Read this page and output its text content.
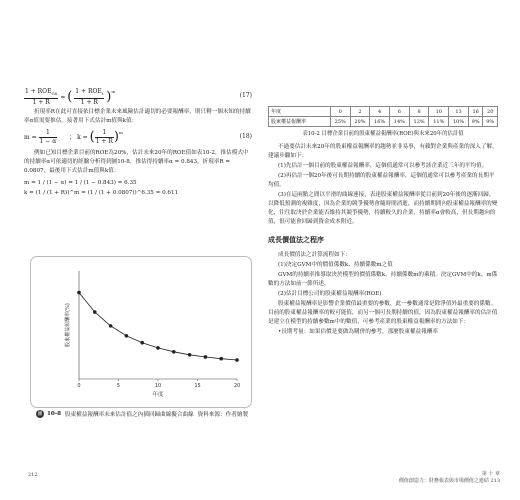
第 十 章
價值創造力：財務報表與市場價值之連結 213
$\frac{1 + ROE_{GS}}{1 + R}$ = ( $\frac{1 + ROE_t}{1 + R} )^m$
(17)

折現率R在此可直接依目標企業未來風險估計適切的必要報酬率，則只剩一個未知的持續率α值需要推估。接著用下式估計m值與k值：

$m = \frac{1}{1 - \alpha}$ ； k = ( $\frac{1}{1 + R} )^m$
(18)

例如已知目標企業目前的ROE為20%，估計未來20年的ROE值如表10-2，推估模式中的持續率α可依適切的經驗分析得到圖10-8，推估得持續率α = 0.843，折現率R = 0.0807，最後用下式估計m值與k值：

m = 1 / (1 − α) = 1 / (1 − 0.843) = 6.35

k = (1 / (1 + R))^m = (1 / (1 + 0.0807))^6.35 = 0.611

0	5	10	15	20
年度
股東權益報酬率(%)
圖 10-8 股東權益報酬率未來估計值之內插回歸曲線擬合曲線 資料來源：作者繪製
212
年度	0	2	4	6	8	10	13	16	20
股東權益報酬率	25%	20%	16%	14%	12%	11%	10%	9%	9%
表10-2 目標企業目前的股東權益報酬率(ROE)與未來20年的估計值

不過要估計未來20年的股東權益報酬率的趨勢並非易事，有賴對企業與產業的深入了解，建議步驟如下：

(1)先估計一個目前的股東權益報酬率，這個值通常可以參考該企業近三年的平均值。

(2)再估計一個20年後可長期持續的股東權益報酬率，這個值通常可以參考產業的長期平均值。

(3)在這兩點之間以平滑的曲線連接，表達股東權益報酬率從目前到20年後的逐漸回歸。以降低預測的複雜度，因為企業的競爭優勢會隨時間消逝，而持續期間內股東權益報酬率的變化，往往取決於企業能否維持其競爭優勢，持續較久的企業，持續率α會較高，但長期趨向的值，很可能會回歸到資金成本附近。

成長價值法之程序

成長價值法之計算流程如下：

(1)決定GVM中的價值係數k、持續係數m之值

GVM的持續率推導取決於模型的價值係數k、持續係數m的乘積，決定GVM中的k、m係數的方法如前一節所述。

(2)估計目標公司的股東權益報酬率(ROE)

股東權益報酬率是影響企業價值最重要的參數，此一參數通常是除淨值外最重要的係數。目前的股東權益報酬率的較可能值，而另一個可長期持續的值，因為股東權益報酬率的估計值是建立在模型的持續參數m中的數值，可參考產業的股東權益報酬率的方法如下：

•長期考量：如果估價是要做為購併的參考，那麼股東權益報酬率
